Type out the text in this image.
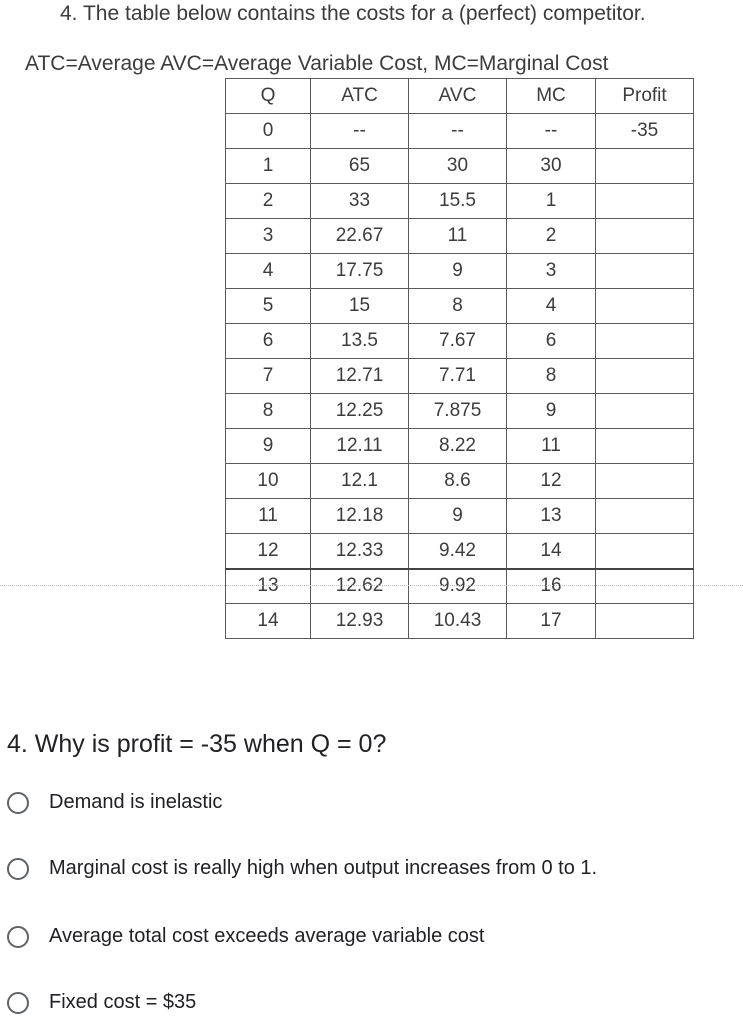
4. The table below contains the costs for a (perfect) competitor.
ATC=Average AVC=Average Variable Cost, MC=Marginal Cost
Q	ATC	AVC	MC	Profit
0	--	--	--	-35
1	65	30	30	
2	33	15.5	1	
3	22.67	11	2	
4	17.75	9	3	
5	15	8	4	
6	13.5	7.67	6	
7	12.71	7.71	8	
8	12.25	7.875	9	
9	12.11	8.22	11	
10	12.1	8.6	12	
11	12.18	9	13	
12	12.33	9.42	14	
13	12.62	9.92	16	
14	12.93	10.43	17	
4. Why is profit = -35 when Q = 0?
Demand is inelastic
Marginal cost is really high when output increases from 0 to 1.
Average total cost exceeds average variable cost
Fixed cost = $35
